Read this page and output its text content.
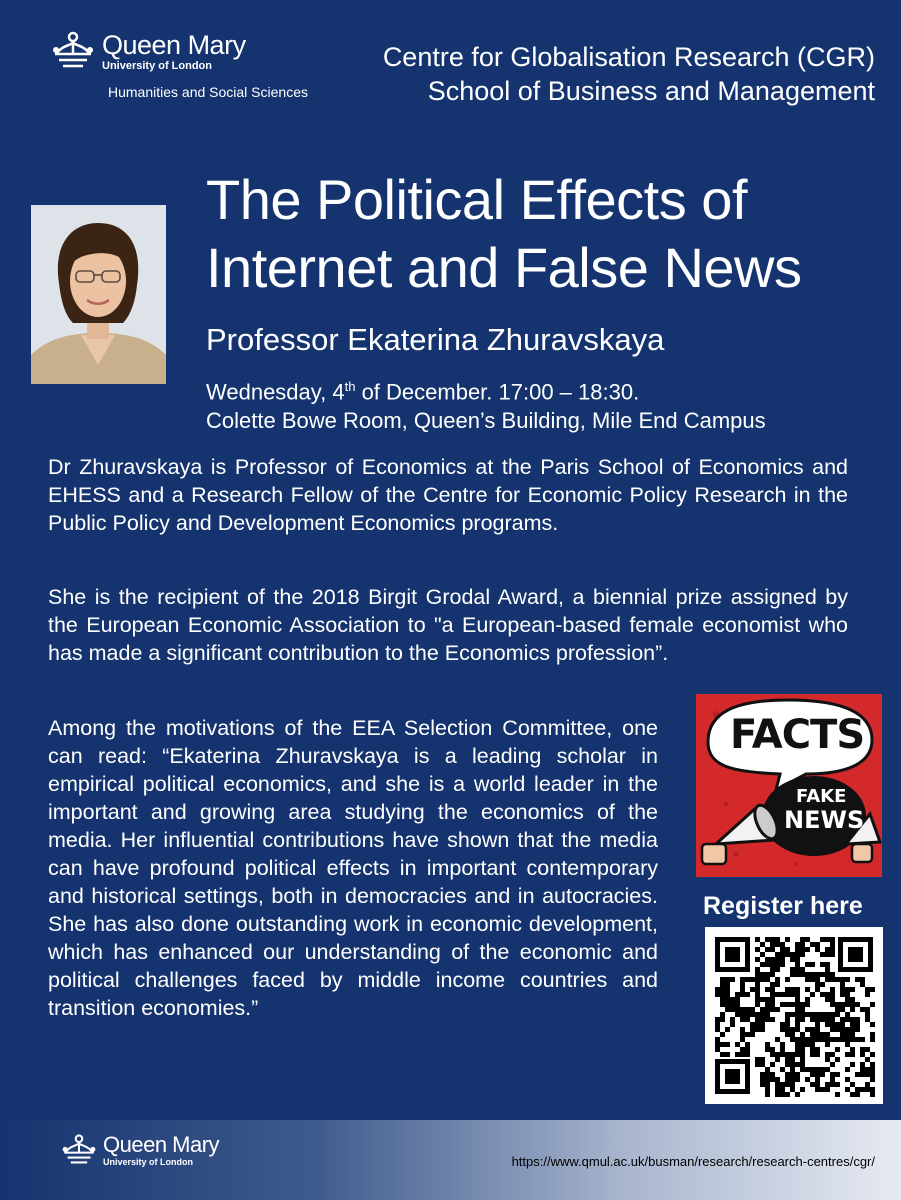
Queen Mary
University of London
Humanities and Social Sciences
Centre for Globalisation Research (CGR)
School of Business and Management
The Political Effects of
Internet and False News
Professor Ekaterina Zhuravskaya
Wednesday, 4th of December. 17:00 – 18:30.
Colette Bowe Room, Queen’s Building, Mile End Campus
Dr Zhuravskaya is Professor of Economics at the Paris School of Economics and EHESS and a Research Fellow of the Centre for Economic Policy Research in the Public Policy and Development Economics programs.
She is the recipient of the 2018 Birgit Grodal Award, a biennial prize assigned by the European Economic Association to "a European-based female economist who has made a significant contribution to the Economics profession”.
Among the motivations of the EEA Selection Committee, one can read: “Ekaterina Zhuravskaya is a leading scholar in empirical political economics, and she is a world leader in the important and growing area studying the economics of the media. Her influential contributions have shown that the media can have profound political effects in important contemporary and historical settings, both in democracies and in autocracies. She has also done outstanding work in economic development, which has enhanced our understanding of the economic and political challenges faced by middle income countries and transition economies.”
FACTS
FAKE
NEWS
Register here
Queen Mary
University of London	https://www.qmul.ac.uk/busman/research/research-centres/cgr/
